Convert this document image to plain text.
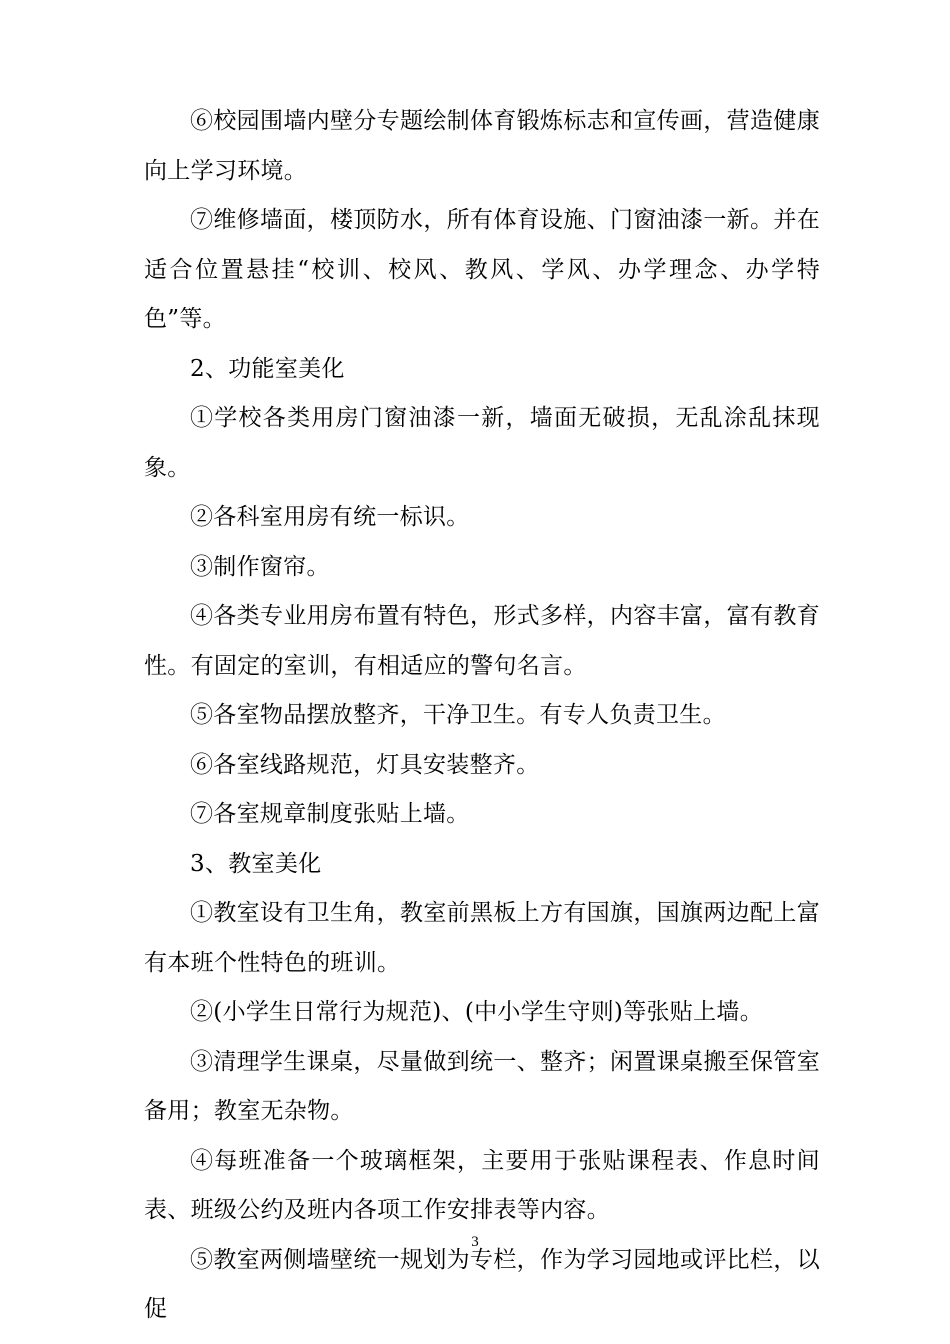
⑥校园围墙内壁分专题绘制体育锻炼标志和宣传画，营造健康向上学习环境。

⑦维修墙面，楼顶防水，所有体育设施、门窗油漆一新。并在适合位置悬挂“校训、校风、教风、学风、办学理念、办学特色”等。

2、功能室美化

①学校各类用房门窗油漆一新，墙面无破损，无乱涂乱抹现象。

②各科室用房有统一标识。

③制作窗帘。

④各类专业用房布置有特色，形式多样，内容丰富，富有教育性。有固定的室训，有相适应的警句名言。

⑤各室物品摆放整齐，干净卫生。有专人负责卫生。

⑥各室线路规范，灯具安装整齐。

⑦各室规章制度张贴上墙。

3、教室美化

①教室设有卫生角，教室前黑板上方有国旗，国旗两边配上富有本班个性特色的班训。

②(小学生日常行为规范)、(中小学生守则)等张贴上墙。

③清理学生课桌，尽量做到统一、整齐；闲置课桌搬至保管室备用；教室无杂物。

④每班准备一个玻璃框架，主要用于张贴课程表、作息时间表、班级公约及班内各项工作安排表等内容。

⑤教室两侧墙壁统一规划为专栏，作为学习园地或评比栏，以促

3
